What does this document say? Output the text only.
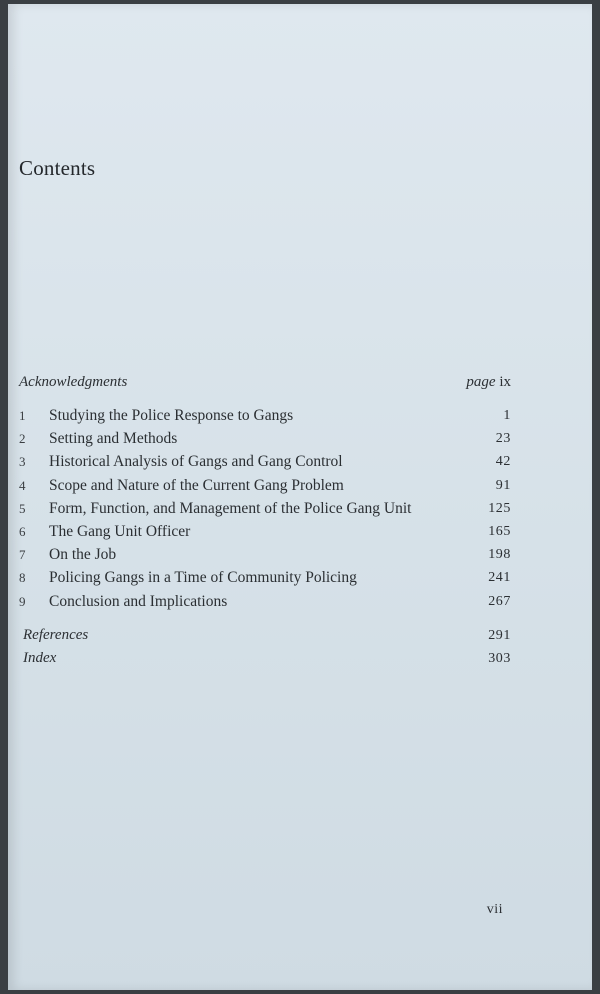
Contents
Acknowledgments	page ix
1	Studying the Police Response to Gangs	1
2	Setting and Methods	23
3	Historical Analysis of Gangs and Gang Control	42
4	Scope and Nature of the Current Gang Problem	91
5	Form, Function, and Management of the Police Gang Unit	125
6	The Gang Unit Officer	165
7	On the Job	198
8	Policing Gangs in a Time of Community Policing	241
9	Conclusion and Implications	267
References	291
Index	303
vii
